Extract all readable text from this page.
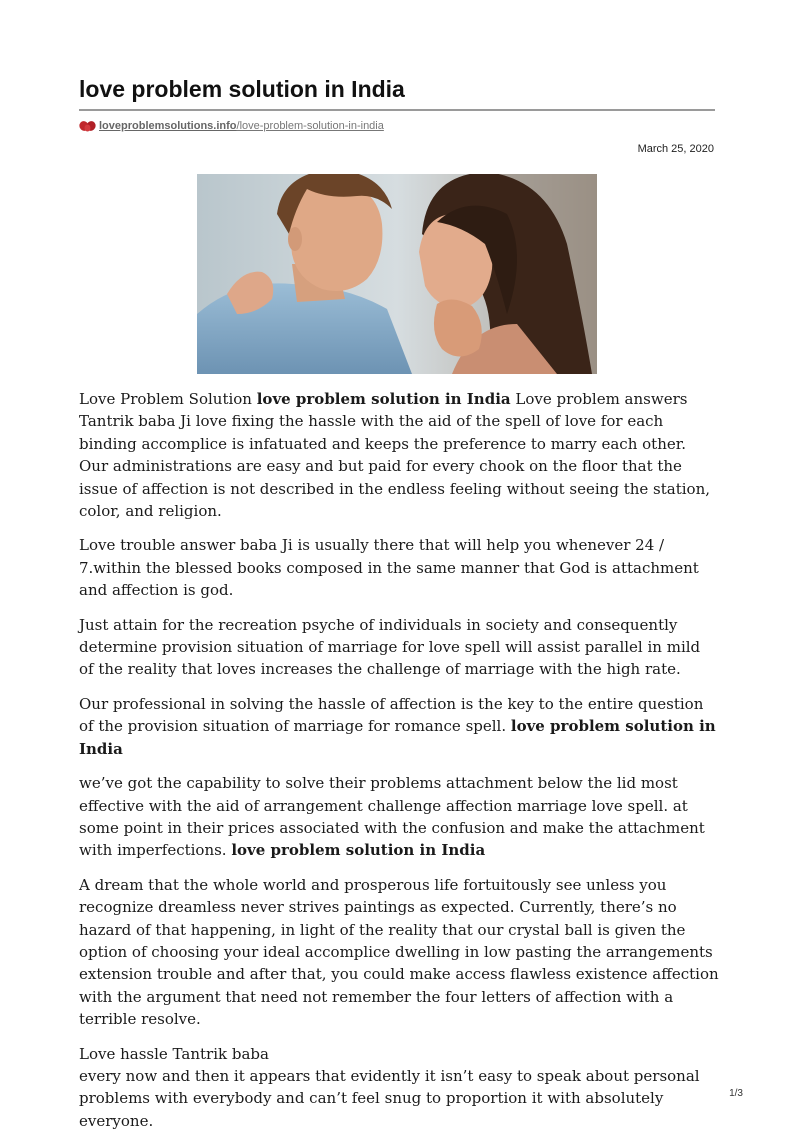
love problem solution in India
loveproblemsolutions.info /love-problem-solution-in-india
March 25, 2020

Love Problem Solution love problem solution in India Love problem answers Tantrik baba Ji love fixing the hassle with the aid of the spell of love for each binding accomplice is infatuated and keeps the preference to marry each other. Our administrations are easy and but paid for every chook on the floor that the issue of affection is not described in the endless feeling without seeing the station, color, and religion.

Love trouble answer baba Ji is usually there that will help you whenever 24 / 7.within the blessed books composed in the same manner that God is attachment and affection is god.

Just attain for the recreation psyche of individuals in society and consequently determine provision situation of marriage for love spell will assist parallel in mild of the reality that loves increases the challenge of marriage with the high rate.

Our professional in solving the hassle of affection is the key to the entire question of the provision situation of marriage for romance spell. love problem solution in India

we’ve got the capability to solve their problems attachment below the lid most effective with the aid of arrangement challenge affection marriage love spell. at some point in their prices associated with the confusion and make the attachment with imperfections. love problem solution in India

A dream that the whole world and prosperous life fortuitously see unless you recognize dreamless never strives paintings as expected. Currently, there’s no hazard of that happening, in light of the reality that our crystal ball is given the option of choosing your ideal accomplice dwelling in low pasting the arrangements extension trouble and after that, you could make access flawless existence affection with the argument that need not remember the four letters of affection with a terrible resolve.

Love hassle Tantrik baba
every now and then it appears that evidently it isn’t easy to speak about personal problems with everybody and can’t feel snug to proportion it with absolutely everyone.

1/3
